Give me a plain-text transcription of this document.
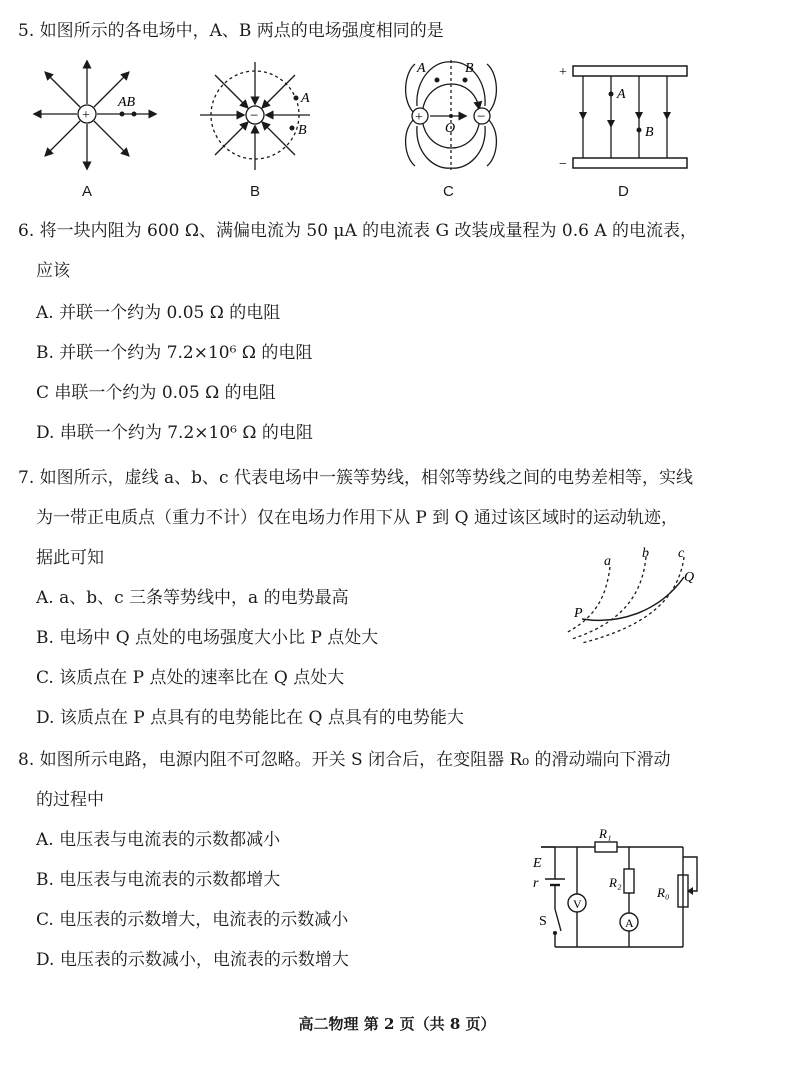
5. 如图所示的各电场中，A、B 两点的电场强度相同的是
+
AB
A
−
A
B
B
+	−
O
A	B
C
+
−
A
B
D
6. 将一块内阻为 600 Ω、满偏电流为 50 μA 的电流表 G 改装成量程为 0.6 A 的电流表，
应该
A. 并联一个约为 0.05 Ω 的电阻
B. 并联一个约为 7.2×10⁶ Ω 的电阻
C 串联一个约为 0.05 Ω 的电阻
D. 串联一个约为 7.2×10⁶ Ω 的电阻
7. 如图所示，虚线 a、b、c 代表电场中一簇等势线，相邻等势线之间的电势差相等，实线
为一带正电质点（重力不计）仅在电场力作用下从 P 到 Q 通过该区域时的运动轨迹，
据此可知
A. a、b、c 三条等势线中，a 的电势最高
B. 电场中 Q 点处的电场强度大小比 P 点处大
C. 该质点在 P 点处的速率比在 Q 点处大
D. 该质点在 P 点具有的电势能比在 Q 点具有的电势能大
a
b c
P
Q
8. 如图所示电路，电源内阻不可忽略。开关 S 闭合后，在变阻器 R₀ 的滑动端向下滑动
的过程中
A. 电压表与电流表的示数都减小
B. 电压表与电流表的示数都增大
C. 电压表的示数增大，电流表的示数减小
D. 电压表的示数减小，电流表的示数增大
V
A
E
r
S
R₁
R₂
R₀
高二物理 第 2 页（共 8 页）
